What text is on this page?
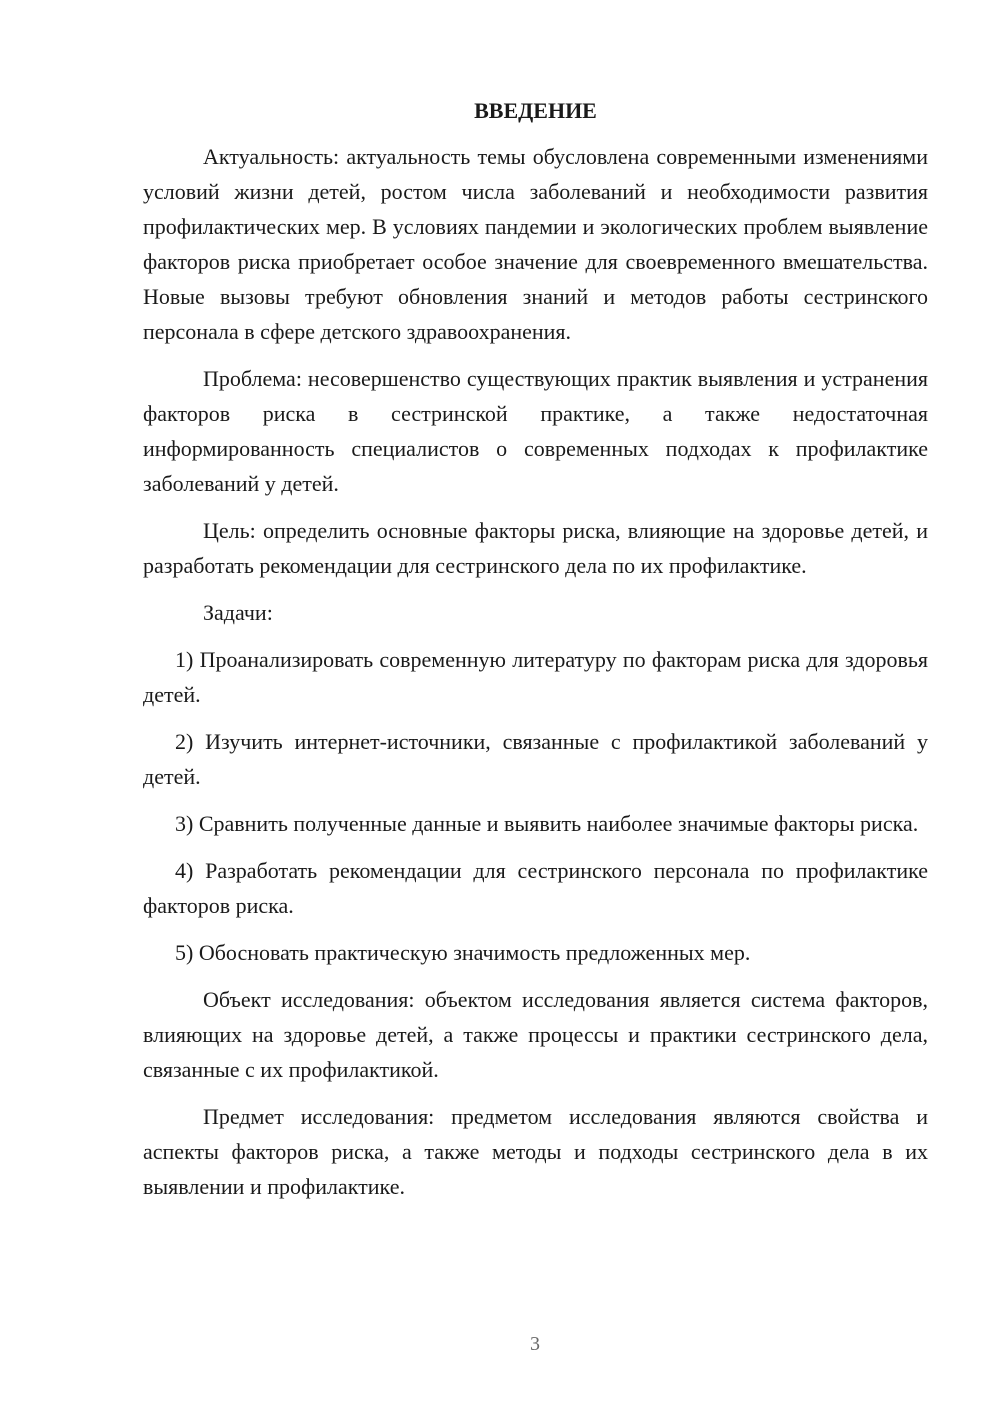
ВВЕДЕНИЕ

Актуальность: актуальность темы обусловлена современными изменениями условий жизни детей, ростом числа заболеваний и необходимости развития профилактических мер. В условиях пандемии и экологических проблем выявление факторов риска приобретает особое значение для своевременного вмешательства. Новые вызовы требуют обновления знаний и методов работы сестринского персонала в сфере детского здравоохранения.

Проблема: несовершенство существующих практик выявления и устранения факторов риска в сестринской практике, а также недостаточная информированность специалистов о современных подходах к профилактике заболеваний у детей.

Цель: определить основные факторы риска, влияющие на здоровье детей, и разработать рекомендации для сестринского дела по их профилактике.

Задачи:

1) Проанализировать современную литературу по факторам риска для здоровья детей.

2) Изучить интернет-источники, связанные с профилактикой заболеваний у детей.

3) Сравнить полученные данные и выявить наиболее значимые факторы риска.

4) Разработать рекомендации для сестринского персонала по профилактике факторов риска.

5) Обосновать практическую значимость предложенных мер.

Объект исследования: объектом исследования является система факторов, влияющих на здоровье детей, а также процессы и практики сестринского дела, связанные с их профилактикой.

Предмет исследования: предметом исследования являются свойства и аспекты факторов риска, а также методы и подходы сестринского дела в их выявлении и профилактике.

3
